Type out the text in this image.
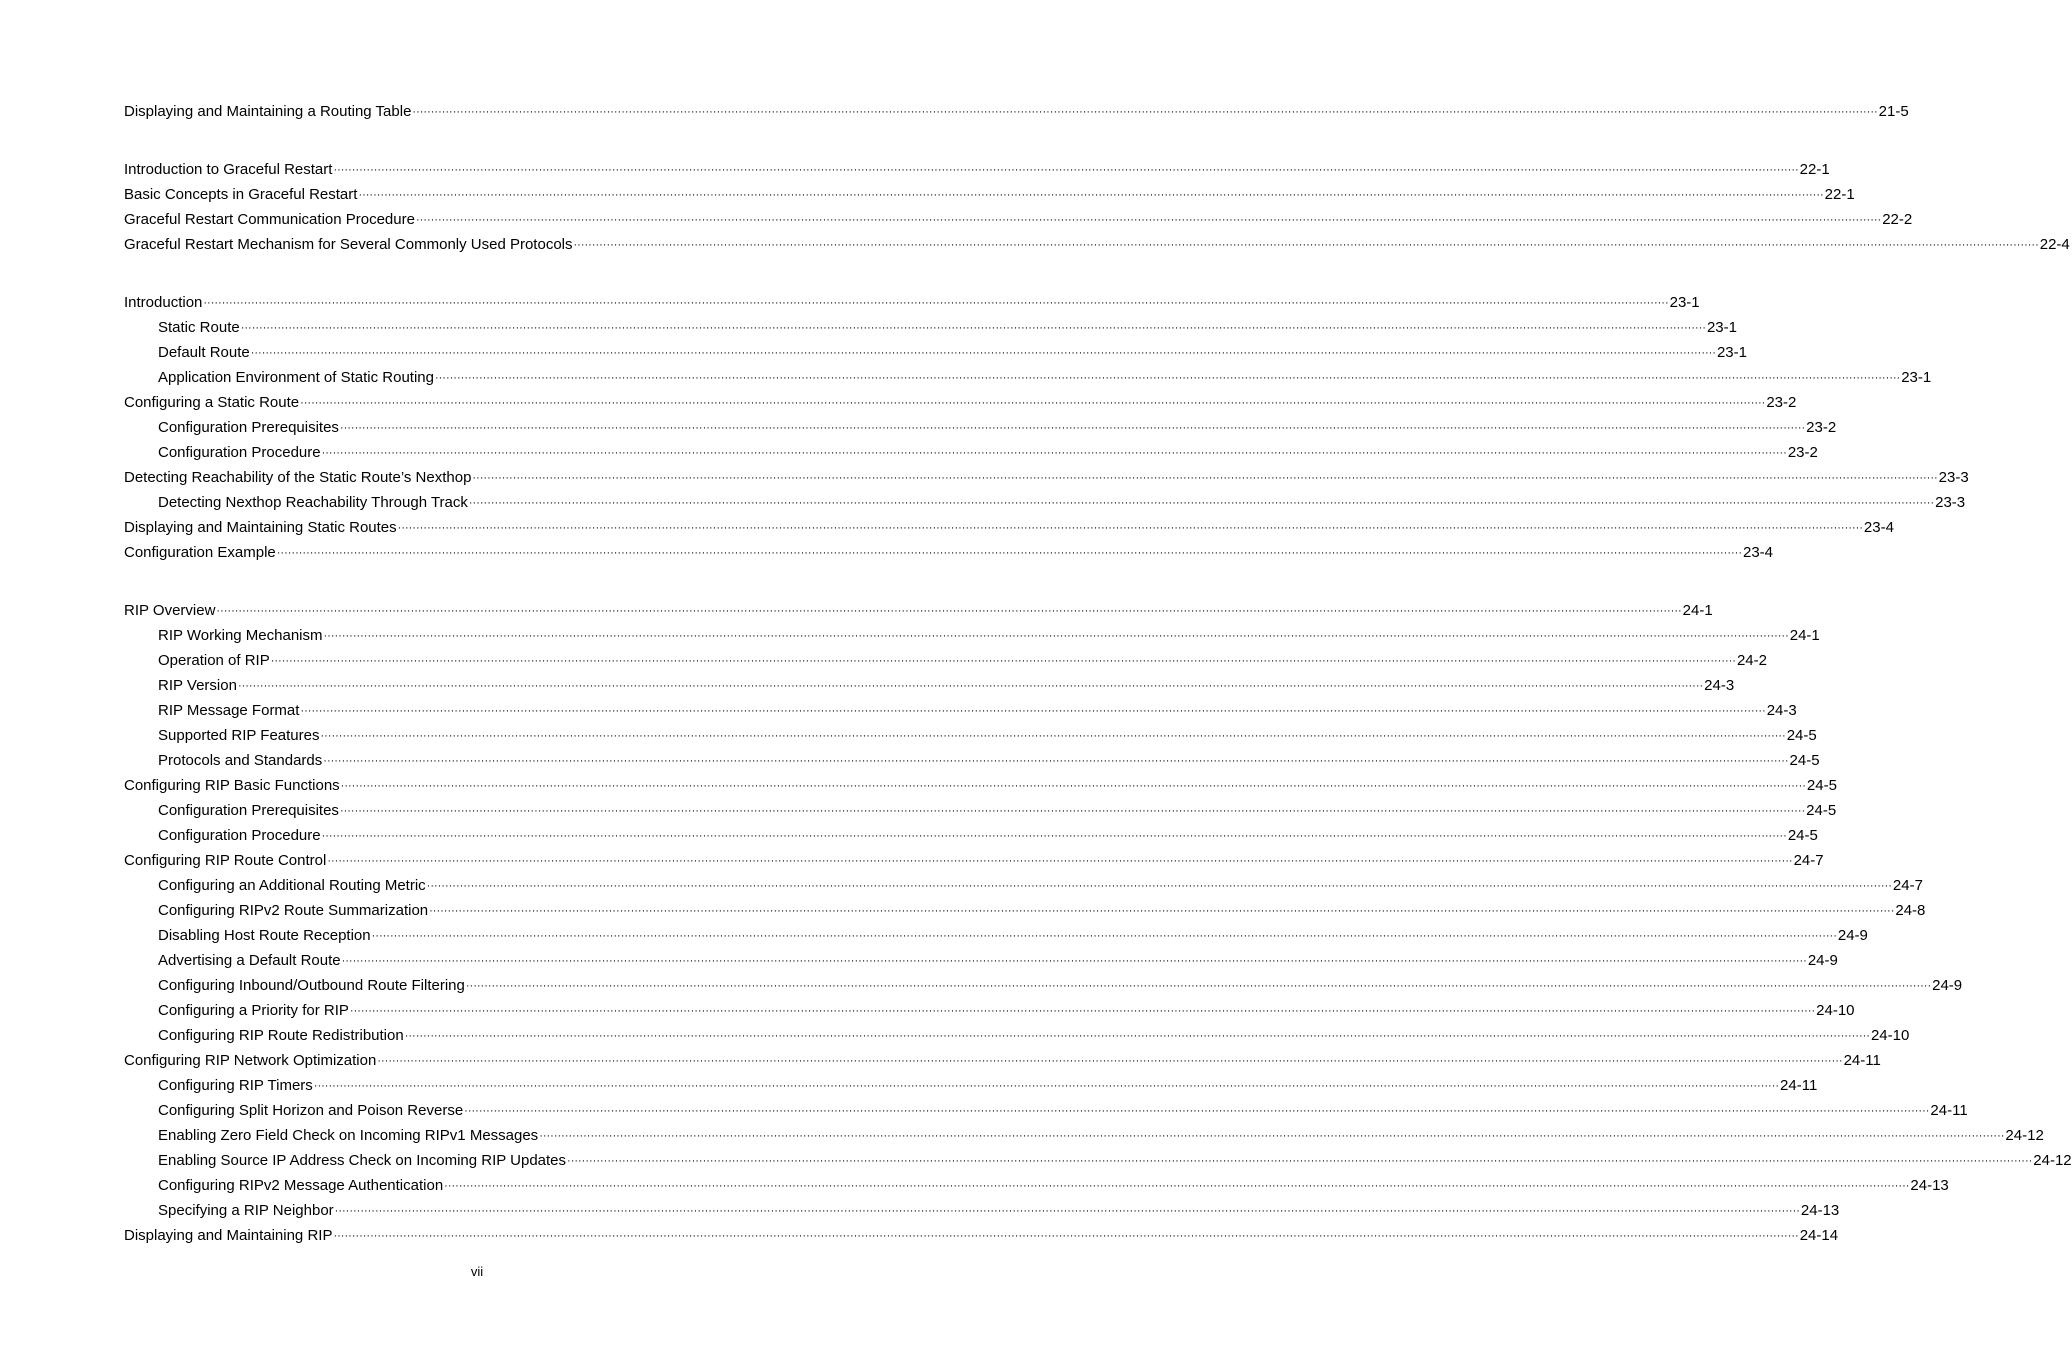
Displaying and Maintaining a Routing Table ················································································································································································································································································································································································································ 21-5
Introduction to Graceful Restart ················································································································································································································································································································································································································ 22-1
Basic Concepts in Graceful Restart ················································································································································································································································································································································································································ 22-1
Graceful Restart Communication Procedure ················································································································································································································································································································································································································ 22-2
Graceful Restart Mechanism for Several Commonly Used Protocols ················································································································································································································································································································································································································ 22-4
Introduction ················································································································································································································································································································································································································ 23-1
Static Route ················································································································································································································································································································································································································ 23-1
Default Route ················································································································································································································································································································································································································ 23-1
Application Environment of Static Routing ················································································································································································································································································································································································································ 23-1
Configuring a Static Route ················································································································································································································································································································································································································ 23-2
Configuration Prerequisites ················································································································································································································································································································································································································ 23-2
Configuration Procedure ················································································································································································································································································································································································································ 23-2
Detecting Reachability of the Static Route’s Nexthop ················································································································································································································································································································································································································ 23-3
Detecting Nexthop Reachability Through Track ················································································································································································································································································································································································································ 23-3
Displaying and Maintaining Static Routes ················································································································································································································································································································································································································ 23-4
Configuration Example ················································································································································································································································································································································································································ 23-4
RIP Overview ················································································································································································································································································································································································································ 24-1
RIP Working Mechanism ················································································································································································································································································································································································································ 24-1
Operation of RIP ················································································································································································································································································································································································································ 24-2
RIP Version ················································································································································································································································································································································································································ 24-3
RIP Message Format ················································································································································································································································································································································································································ 24-3
Supported RIP Features ················································································································································································································································································································································································································ 24-5
Protocols and Standards ················································································································································································································································································································································································································ 24-5
Configuring RIP Basic Functions ················································································································································································································································································································································································································ 24-5
Configuration Prerequisites ················································································································································································································································································································································································································ 24-5
Configuration Procedure ················································································································································································································································································································································································································ 24-5
Configuring RIP Route Control ················································································································································································································································································································································································································ 24-7
Configuring an Additional Routing Metric ················································································································································································································································································································································································································ 24-7
Configuring RIPv2 Route Summarization ················································································································································································································································································································································································································ 24-8
Disabling Host Route Reception ················································································································································································································································································································································································································ 24-9
Advertising a Default Route ················································································································································································································································································································································································································ 24-9
Configuring Inbound/Outbound Route Filtering ················································································································································································································································································································································································································ 24-9
Configuring a Priority for RIP ················································································································································································································································································································································································································ 24-10
Configuring RIP Route Redistribution ················································································································································································································································································································································································································ 24-10
Configuring RIP Network Optimization ················································································································································································································································································································································································································ 24-11
Configuring RIP Timers ················································································································································································································································································································································································································ 24-11
Configuring Split Horizon and Poison Reverse ················································································································································································································································································································································································································ 24-11
Enabling Zero Field Check on Incoming RIPv1 Messages ················································································································································································································································································································································································································ 24-12
Enabling Source IP Address Check on Incoming RIP Updates ················································································································································································································································································································································································································ 24-12
Configuring RIPv2 Message Authentication ················································································································································································································································································································································································································ 24-13
Specifying a RIP Neighbor ················································································································································································································································································································································································································ 24-13
Displaying and Maintaining RIP ················································································································································································································································································································································································································ 24-14
vii
